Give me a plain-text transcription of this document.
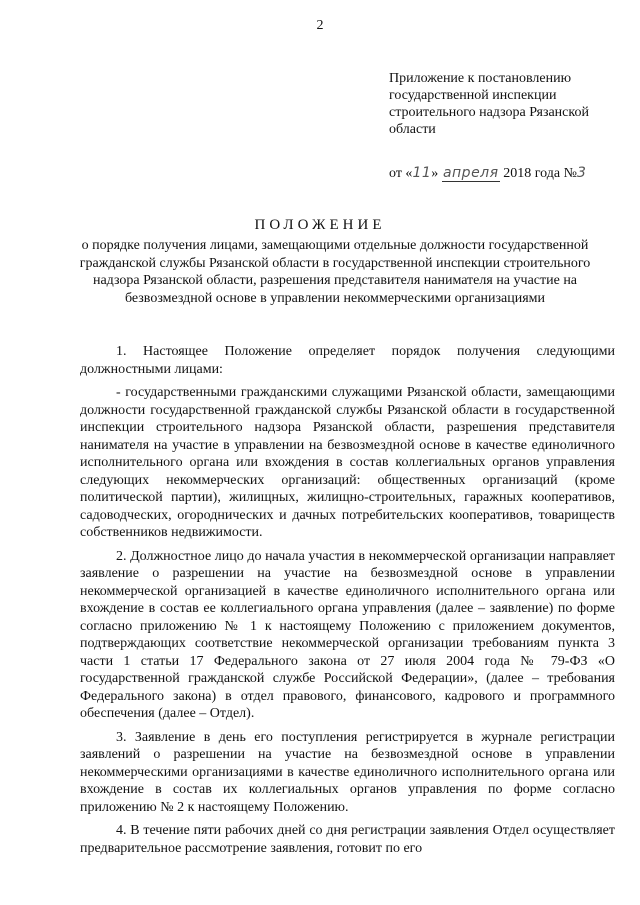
2
Приложение к постановлению
государственной инспекции
строительного надзора Рязанской
области
от «11» апреля 2018 года №3
ПОЛОЖЕНИЕ
о порядке получения лицами, замещающими отдельные должности государственной гражданской службы Рязанской области в государственной инспекции строительного надзора Рязанской области, разрешения представителя нанимателя на участие на безвозмездной основе в управлении некоммерческими организациями

1. Настоящее Положение определяет порядок получения следующими должностными лицами:

- государственными гражданскими служащими Рязанской области, замещающими должности государственной гражданской службы Рязанской области в государственной инспекции строительного надзора Рязанской области, разрешения представителя нанимателя на участие в управлении на безвозмездной основе в качестве единоличного исполнительного органа или вхождения в состав коллегиальных органов управления следующих некоммерческих организаций: общественных организаций (кроме политической партии), жилищных, жилищно-строительных, гаражных кооперативов, садоводческих, огороднических и дачных потребительских кооперативов, товариществ собственников недвижимости.

2. Должностное лицо до начала участия в некоммерческой организации направляет заявление о разрешении на участие на безвозмездной основе в управлении некоммерческой организацией в качестве единоличного исполнительного органа или вхождение в состав ее коллегиального органа управления (далее – заявление) по форме согласно приложению № 1 к настоящему Положению с приложением документов, подтверждающих соответствие некоммерческой организации требованиям пункта 3 части 1 статьи 17 Федерального закона от 27 июля 2004 года № 79-ФЗ «О государственной гражданской службе Российской Федерации», (далее – требования Федерального закона) в отдел правового, финансового, кадрового и программного обеспечения (далее – Отдел).

3. Заявление в день его поступления регистрируется в журнале регистрации заявлений о разрешении на участие на безвозмездной основе в управлении некоммерческими организациями в качестве единоличного исполнительного органа или вхождение в состав их коллегиальных органов управления по форме согласно приложению № 2 к настоящему Положению.

4. В течение пяти рабочих дней со дня регистрации заявления Отдел осуществляет предварительное рассмотрение заявления, готовит по его
